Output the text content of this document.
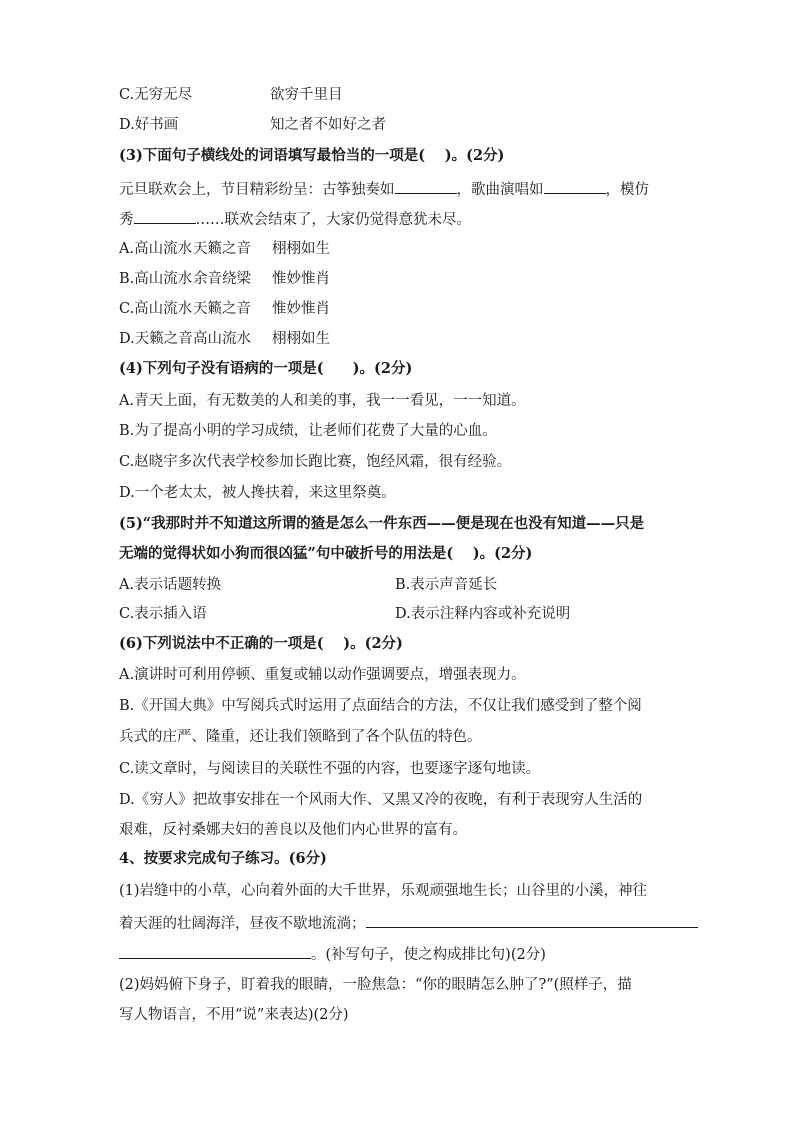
C.无穷无尽	欲穷千里目
D.好书画	知之者不如好之者
(3)下面句子横线处的词语填写最恰当的一项是(　 )。(2分)
元旦联欢会上，节目精彩纷呈：古筝独奏如	，歌曲演唱如	，模仿
秀	……联欢会结束了，大家仍觉得意犹未尽。
A.高山流水 天籁之音 栩栩如生
B.高山流水 余音绕梁 惟妙惟肖
C.高山流水 天籁之音 惟妙惟肖
D.天籁之音 高山流水 栩栩如生
(4)下列句子没有语病的一项是(　　)。(2分)
A.青天上面，有无数美的人和美的事，我一一看见，一一知道。
B.为了提高小明的学习成绩，让老师们花费了大量的心血。
C.赵晓宇多次代表学校参加长跑比赛，饱经风霜，很有经验。
D.一个老太太，被人搀扶着，来这里祭奠。
(5)“我那时并不知道这所谓的猹是怎么一件东西——便是现在也没有知道——只是
无端的觉得状如小狗而很凶猛”句中破折号的用法是(　 )。(2分)
A.表示话题转换	B.表示声音延长
C.表示插入语	D.表示注释内容或补充说明
(6)下列说法中不正确的一项是(　 )。(2分)
A.演讲时可利用停顿、重复或辅以动作强调要点，增强表现力。
B.《开国大典》中写阅兵式时运用了点面结合的方法，不仅让我们感受到了整个阅
兵式的庄严、隆重，还让我们领略到了各个队伍的特色。
C.读文章时，与阅读目的关联性不强的内容，也要逐字逐句地读。
D.《穷人》把故事安排在一个风雨大作、又黑又冷的夜晚，有利于表现穷人生活的
艰难，反衬桑娜夫妇的善良以及他们内心世界的富有。
4、按要求完成句子练习。(6分)
(1)岩缝中的小草，心向着外面的大千世界，乐观顽强地生长；山谷里的小溪，神往
着天涯的壮阔海洋，昼夜不歇地流淌；
。(补写句子，使之构成排比句)(2分)
(2)妈妈俯下身子，盯着我的眼睛，一脸焦急：“你的眼睛怎么肿了?”(照样子，描
写人物语言，不用“说”来表达)(2分)
